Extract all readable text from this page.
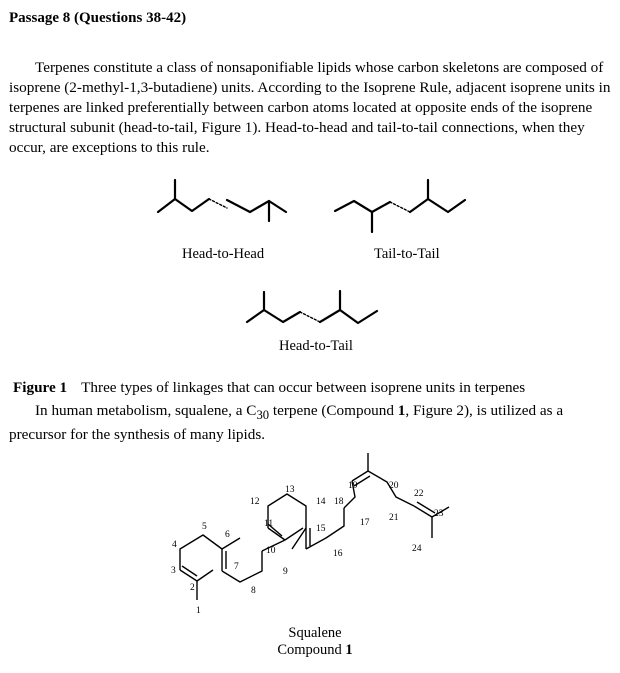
Passage 8 (Questions 38-42)
Terpenes constitute a class of nonsaponifiable lipids whose carbon skeletons are composed of isoprene (2-methyl-1,3-butadiene) units. According to the Isoprene Rule, adjacent isoprene units in terpenes are linked preferentially between carbon atoms located at opposite ends of the isoprene structural subunit (head-to-tail, Figure 1). Head-to-head and tail-to-tail connections, when they occur, are exceptions to this rule.
1
2
3
4
5
6
7
8
9
10
11
12
13
14
15
16
17
18
19	20
21
22
23
24
Head-to-Head	Tail-to-Tail
Head-to-Tail
Figure 1 Three types of linkages that can occur between isoprene units in terpenes
In human metabolism, squalene, a $C_{30}$ terpene (Compound 1, Figure 2), is utilized as a precursor for the synthesis of many lipids.
Squalene
Compound 1
